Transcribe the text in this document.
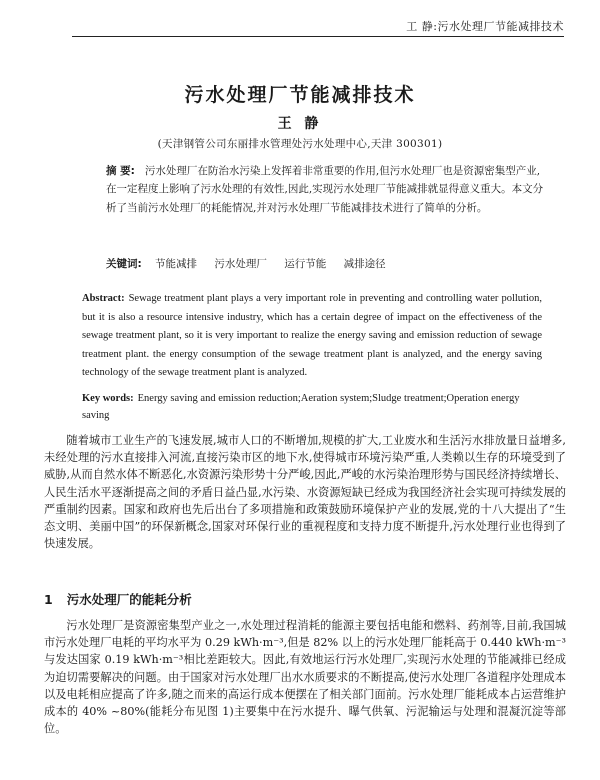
工 静:污水处理厂节能减排技术
污水处理厂节能减排技术
王 静
(天津钢管公司东丽排水管理处污水处理中心,天津 300301)
摘 要: 污水处理厂在防治水污染上发挥着非常重要的作用,但污水处理厂也是资源密集型产业,在一定程度上影响了污水处理的有效性,因此,实现污水处理厂节能减排就显得意义重大。本文分析了当前污水处理厂的耗能情况,并对污水处理厂节能减排技术进行了简单的分析。
关键词: 节能减排 污水处理厂 运行节能 减排途径
Abstract: Sewage treatment plant plays a very important role in preventing and controlling water pollution, but it is also a resource intensive industry, which has a certain degree of impact on the effectiveness of the sewage treatment plant, so it is very important to realize the energy saving and emission reduction of sewage treatment plant. the energy consumption of the sewage treatment plant is analyzed, and the energy saving technology of the sewage treatment plant is analyzed.
Key words: Energy saving and emission reduction;Aeration system;Sludge treatment;Operation energy saving
随着城市工业生产的飞速发展,城市人口的不断增加,规模的扩大,工业废水和生活污水排放量日益增多,未经处理的污水直接排入河流,直接污染市区的地下水,使得城市环境污染严重,人类赖以生存的环境受到了威胁,从而自然水体不断恶化,水资源污染形势十分严峻,因此,严峻的水污染治理形势与国民经济持续增长、人民生活水平逐渐提高之间的矛盾日益凸显,水污染、水资源短缺已经成为我国经济社会实现可持续发展的严重制约因素。国家和政府也先后出台了多项措施和政策鼓励环境保护产业的发展,党的十八大提出了“生态文明、美丽中国”的环保新概念,国家对环保行业的重视程度和支持力度不断提升,污水处理行业也得到了快速发展。
1 污水处理厂的能耗分析
污水处理厂是资源密集型产业之一,水处理过程消耗的能源主要包括电能和燃料、药剂等,目前,我国城市污水处理厂电耗的平均水平为 0.29 kWh·m⁻³,但是 82% 以上的污水处理厂能耗高于 0.440 kWh·m⁻³与发达国家 0.19 kWh·m⁻³相比差距较大。因此,有效地运行污水处理厂,实现污水处理的节能减排已经成为迫切需要解决的问题。由于国家对污水处理厂出水水质要求的不断提高,使污水处理厂各道程序处理成本以及电耗相应提高了许多,随之而来的高运行成本便摆在了相关部门面前。污水处理厂能耗成本占运营维护成本的 40% ~80%(能耗分布见图 1)主要集中在污水提升、曝气供氧、污泥输运与处理和混凝沉淀等部位。
